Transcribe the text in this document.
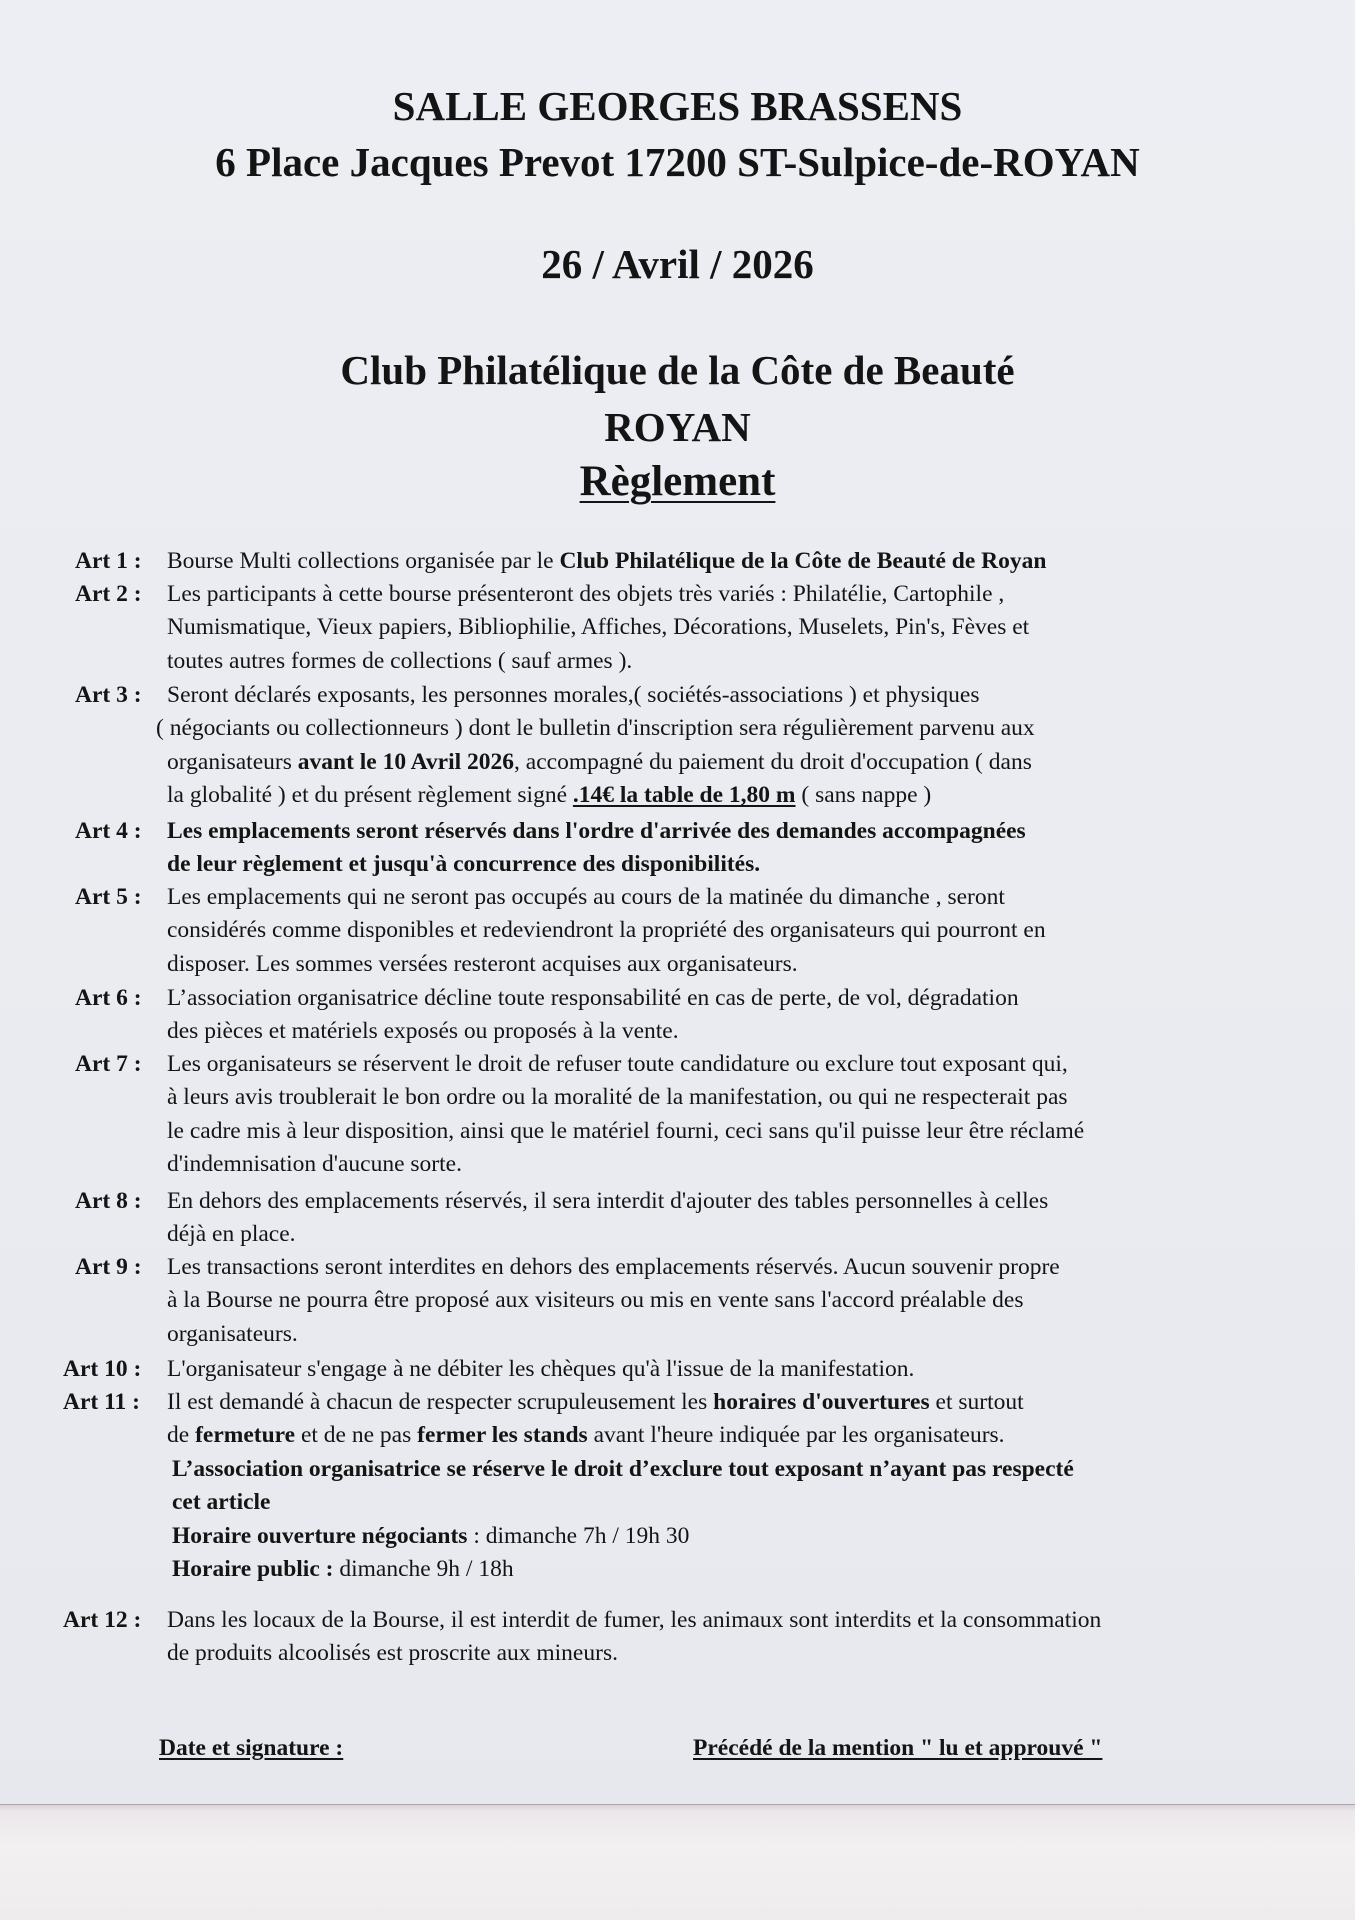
SALLE GEORGES BRASSENS
6 Place Jacques Prevot 17200 ST-Sulpice-de-ROYAN
26 / Avril / 2026
Club Philatélique de la Côte de Beauté
ROYAN
Règlement
Art 1 : Bourse Multi collections organisée par le Club Philatélique de la Côte de Beauté de Royan
Art 2 : Les participants à cette bourse présenteront des objets très variés : Philatélie, Cartophile ,
Numismatique, Vieux papiers, Bibliophilie, Affiches, Décorations, Muselets, Pin's, Fèves et
toutes autres formes de collections ( sauf armes ).
Art 3 : Seront déclarés exposants, les personnes morales,( sociétés-associations ) et physiques
( négociants ou collectionneurs ) dont le bulletin d'inscription sera régulièrement parvenu aux
organisateurs avant le 10 Avril 2026, accompagné du paiement du droit d'occupation ( dans
la globalité ) et du présent règlement signé .14€ la table de 1,80 m ( sans nappe )
Art 4 : Les emplacements seront réservés dans l'ordre d'arrivée des demandes accompagnées
de leur règlement et jusqu'à concurrence des disponibilités.
Art 5 : Les emplacements qui ne seront pas occupés au cours de la matinée du dimanche , seront
considérés comme disponibles et redeviendront la propriété des organisateurs qui pourront en
disposer. Les sommes versées resteront acquises aux organisateurs.
Art 6 : L’association organisatrice décline toute responsabilité en cas de perte, de vol, dégradation
des pièces et matériels exposés ou proposés à la vente.
Art 7 : Les organisateurs se réservent le droit de refuser toute candidature ou exclure tout exposant qui,
à leurs avis troublerait le bon ordre ou la moralité de la manifestation, ou qui ne respecterait pas
le cadre mis à leur disposition, ainsi que le matériel fourni, ceci sans qu'il puisse leur être réclamé
d'indemnisation d'aucune sorte.
Art 8 : En dehors des emplacements réservés, il sera interdit d'ajouter des tables personnelles à celles
déjà en place.
Art 9 : Les transactions seront interdites en dehors des emplacements réservés. Aucun souvenir propre
à la Bourse ne pourra être proposé aux visiteurs ou mis en vente sans l'accord préalable des
organisateurs.
Art 10 : L'organisateur s'engage à ne débiter les chèques qu'à l'issue de la manifestation.
Art 11 : Il est demandé à chacun de respecter scrupuleusement les horaires d'ouvertures et surtout
de fermeture et de ne pas fermer les stands avant l'heure indiquée par les organisateurs.
L’association organisatrice se réserve le droit d’exclure tout exposant n’ayant pas respecté
cet article
Horaire ouverture négociants : dimanche 7h / 19h 30
Horaire public : dimanche 9h / 18h
Art 12 : Dans les locaux de la Bourse, il est interdit de fumer, les animaux sont interdits et la consommation
de produits alcoolisés est proscrite aux mineurs.
Date et signature :	Précédé de la mention " lu et approuvé "
